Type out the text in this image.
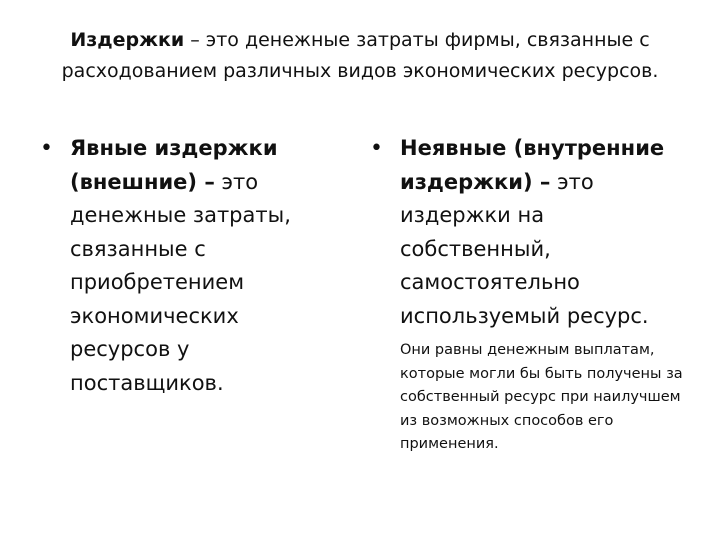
Издержки – это денежные затраты фирмы, связанные с
расходованием различных видов экономических ресурсов.
• Явные издержки (внешние) – это денежные затраты, связанные с приобретением экономических ресурсов у поставщиков.
• Неявные (внутренние издержки) – это издержки на собственный, самостоятельно используемый ресурс.
Они равны денежным выплатам, которые могли бы быть получены за собственный ресурс при наилучшем из возможных способов его применения.
